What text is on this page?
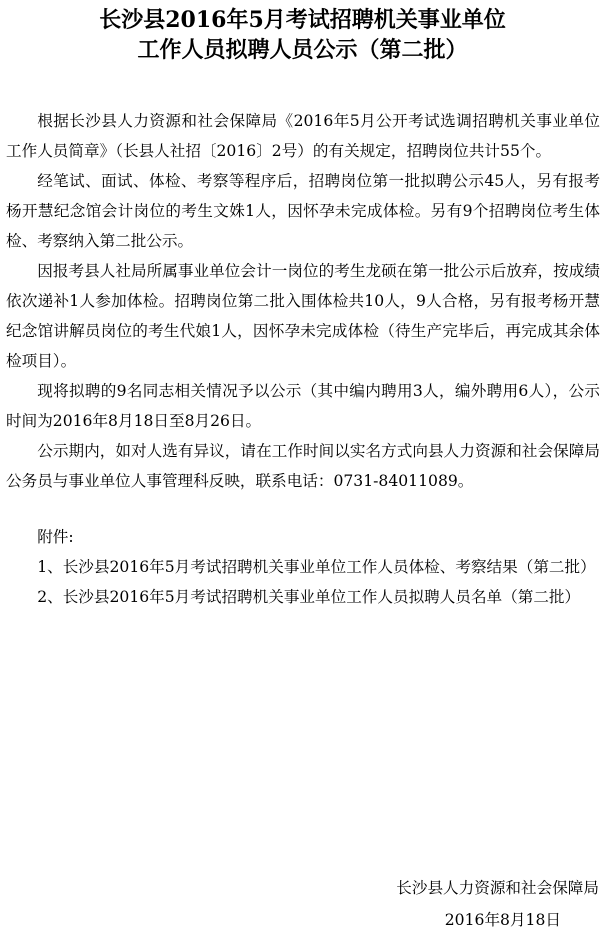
长沙县2016年5月考试招聘机关事业单位
工作人员拟聘人员公示（第二批）

根据长沙县人力资源和社会保障局《2016年5月公开考试选调招聘机关事业单位工作人员简章》（长县人社招〔2016〕2号）的有关规定，招聘岗位共计55个。

经笔试、面试、体检、考察等程序后，招聘岗位第一批拟聘公示45人，另有报考杨开慧纪念馆会计岗位的考生文姝1人，因怀孕未完成体检。另有9个招聘岗位考生体检、考察纳入第二批公示。

因报考县人社局所属事业单位会计一岗位的考生龙硕在第一批公示后放弃，按成绩依次递补1人参加体检。招聘岗位第二批入围体检共10人，9人合格，另有报考杨开慧纪念馆讲解员岗位的考生代娘1人，因怀孕未完成体检（待生产完毕后，再完成其余体检项目）。

现将拟聘的9名同志相关情况予以公示（其中编内聘用3人，编外聘用6人），公示时间为2016年8月18日至8月26日。

公示期内，如对人选有异议，请在工作时间以实名方式向县人力资源和社会保障局公务员与事业单位人事管理科反映，联系电话：0731-84011089。

附件:

1、长沙县2016年5月考试招聘机关事业单位工作人员体检、考察结果（第二批）

2、长沙县2016年5月考试招聘机关事业单位工作人员拟聘人员名单（第二批）

长沙县人力资源和社会保障局
2016年8月18日
